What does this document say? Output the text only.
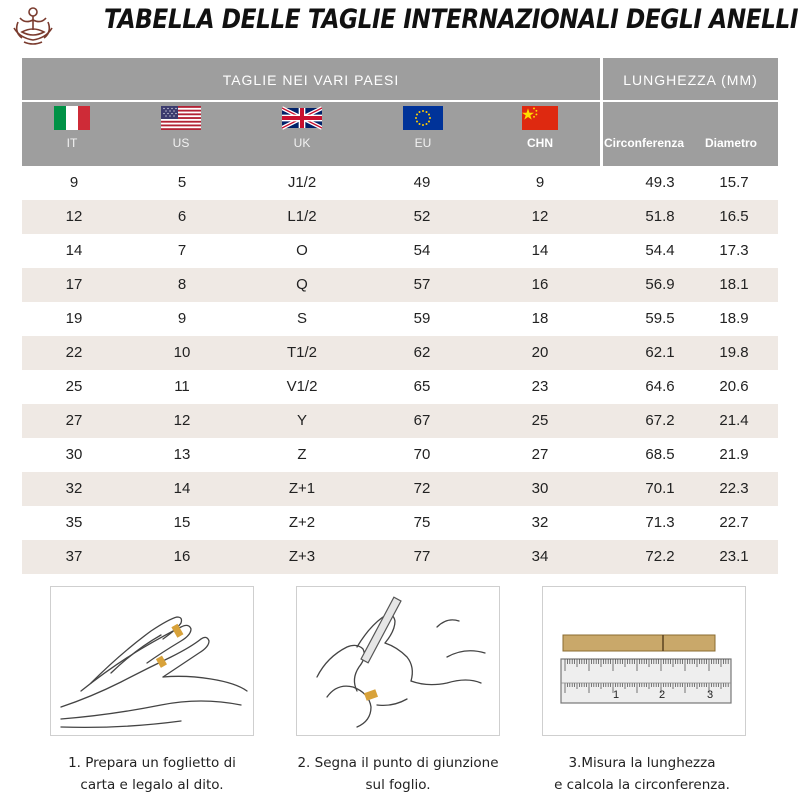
TABELLA DELLE TAGLIE INTERNAZIONALI DEGLI ANELLI
TAGLIE NEI VARI PAESI	LUNGHEZZA (MM)
IT	US	UK	EU	CHN	Circonferenza Diametro
9	5	J1/2	49	9	49.3	15.7
12	6	L1/2	52	12	51.8	16.5
14	7	O	54	14	54.4	17.3
17	8	Q	57	16	56.9	18.1
19	9	S	59	18	59.5	18.9
22	10	T1/2	62	20	62.1	19.8
25	11	V1/2	65	23	64.6	20.6
27	12	Y	67	25	67.2	21.4
30	13	Z	70	27	68.5	21.9
32	14	Z+1	72	30	70.1	22.3
35	15	Z+2	75	32	71.3	22.7
37	16	Z+3	77	34	72.2	23.1
1	2	3
1. Prepara un foglietto di
carta e legalo al dito.
2. Segna il punto di giunzione
sul foglio.
3.Misura la lunghezza
e calcola la circonferenza.
